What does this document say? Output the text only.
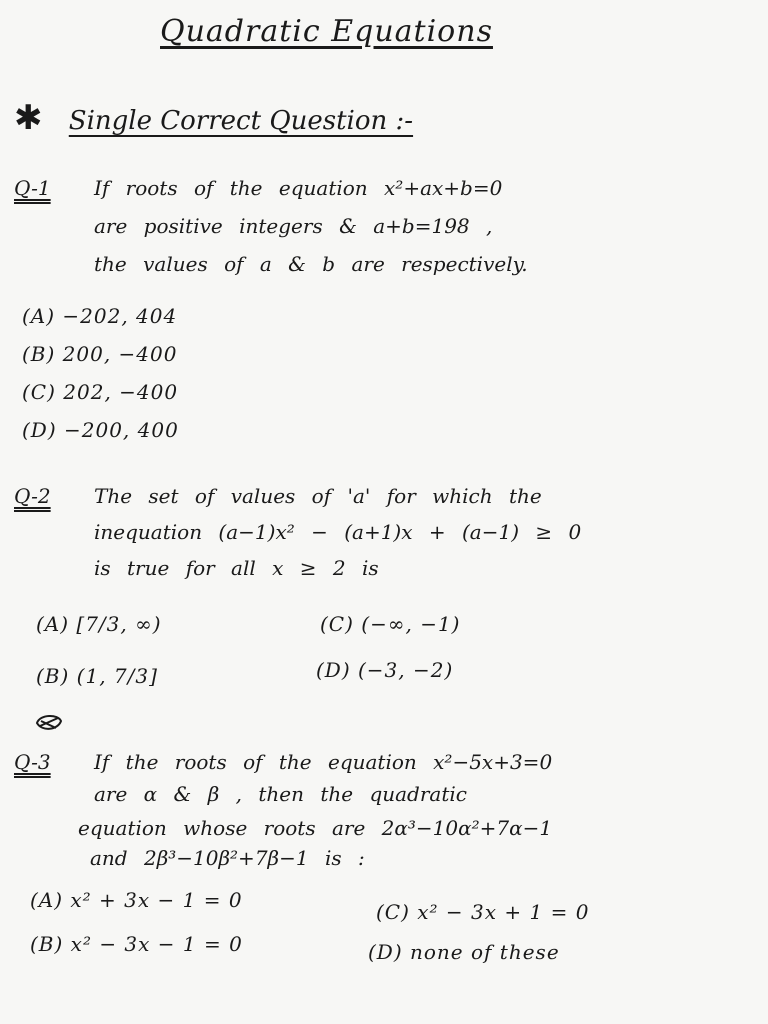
Quadratic Equations
✱ Single Correct Question :-
Q-1 If roots of the equation x²+ax+b=0
are positive integers & a+b=198 ,
the values of a & b are respectively.
(A) −202, 404
(B) 200, −400
(C) 202, −400
(D) −200, 400
Q-2 The set of values of 'a' for which the
inequation (a−1)x² − (a+1)x + (a−1) ≥ 0
is true for all x ≥ 2 is
(A) [7/3, ∞)
(B) (1, 7/3]
(C) (−∞, −1)
(D) (−3, −2)
Q-3 If the roots of the equation x²−5x+3=0
are α & β , then the quadratic
equation whose roots are 2α³−10α²+7α−1
and 2β³−10β²+7β−1 is :
(A) x² + 3x − 1 = 0
(B) x² − 3x − 1 = 0
(C) x² − 3x + 1 = 0
(D) none of these
